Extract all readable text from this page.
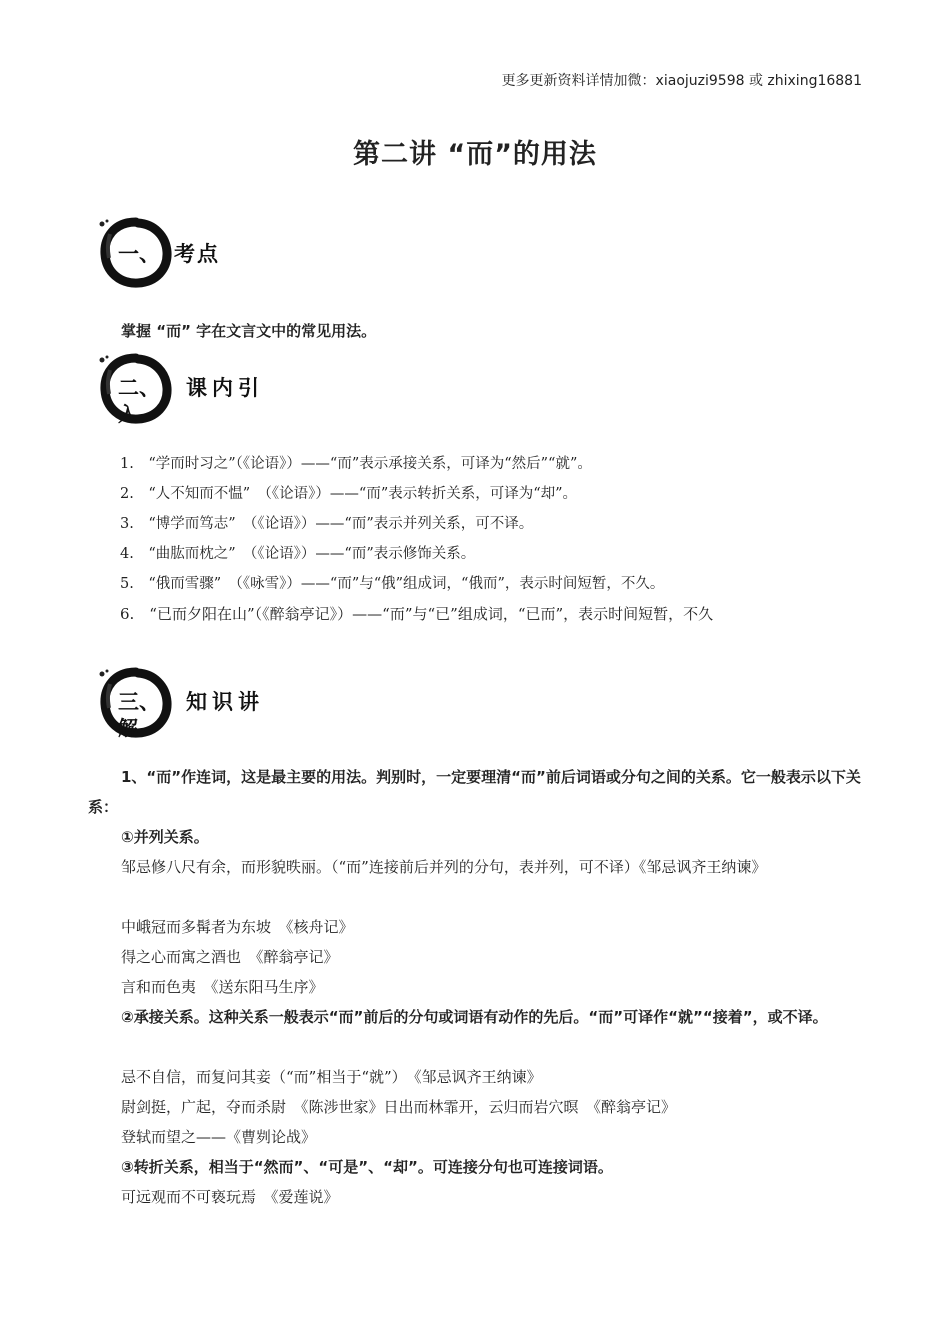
更多更新资料详情加微：xiaojuzi9598 或 zhixing16881
第二讲 “而”的用法
一、 考点
掌握 “而” 字在文言文中的常见用法。
二、 课内引
入
1.　“学而时习之”（《论语》）——“而”表示承接关系，可译为“然后”“就”。
2.　“人不知而不愠”　（《论语》）——“而”表示转折关系，可译为“却”。
3.　“博学而笃志”　（《论语》）——“而”表示并列关系，可不译。
4.　“曲肱而枕之”　（《论语》）——“而”表示修饰关系。
5.　“俄而雪骤”　（《咏雪》）——“而”与“俄”组成词，“俄而”，表示时间短暂，不久。
6.　“已而夕阳在山”（《醉翁亭记》）——“而”与“已”组成词，“已而”，表示时间短暂，不久
三、 知识讲
解
1、“而”作连词，这是最主要的用法。判别时，一定要理清“而”前后词语或分句之间的关系。它一般表示以下关系：
①并列关系。
邹忌修八尺有余，而形貌昳丽。（“而”连接前后并列的分句，表并列，可不译）《邹忌讽齐王纳谏》
中峨冠而多髯者为东坡　《核舟记》
得之心而寓之酒也　《醉翁亭记》
言和而色夷　《送东阳马生序》
②承接关系。这种关系一般表示“而”前后的分句或词语有动作的先后。“而”可译作“就”“接着”，或不译。
忌不自信，而复问其妾（“而”相当于“就”）　《邹忌讽齐王纳谏》
尉剑挺，广起，夺而杀尉　《陈涉世家》日出而林霏开，云归而岩穴暝　《醉翁亭记》
登轼而望之——《曹刿论战》
③转折关系，相当于“然而”、“可是”、“却”。可连接分句也可连接词语。
可远观而不可亵玩焉　《爱莲说》
